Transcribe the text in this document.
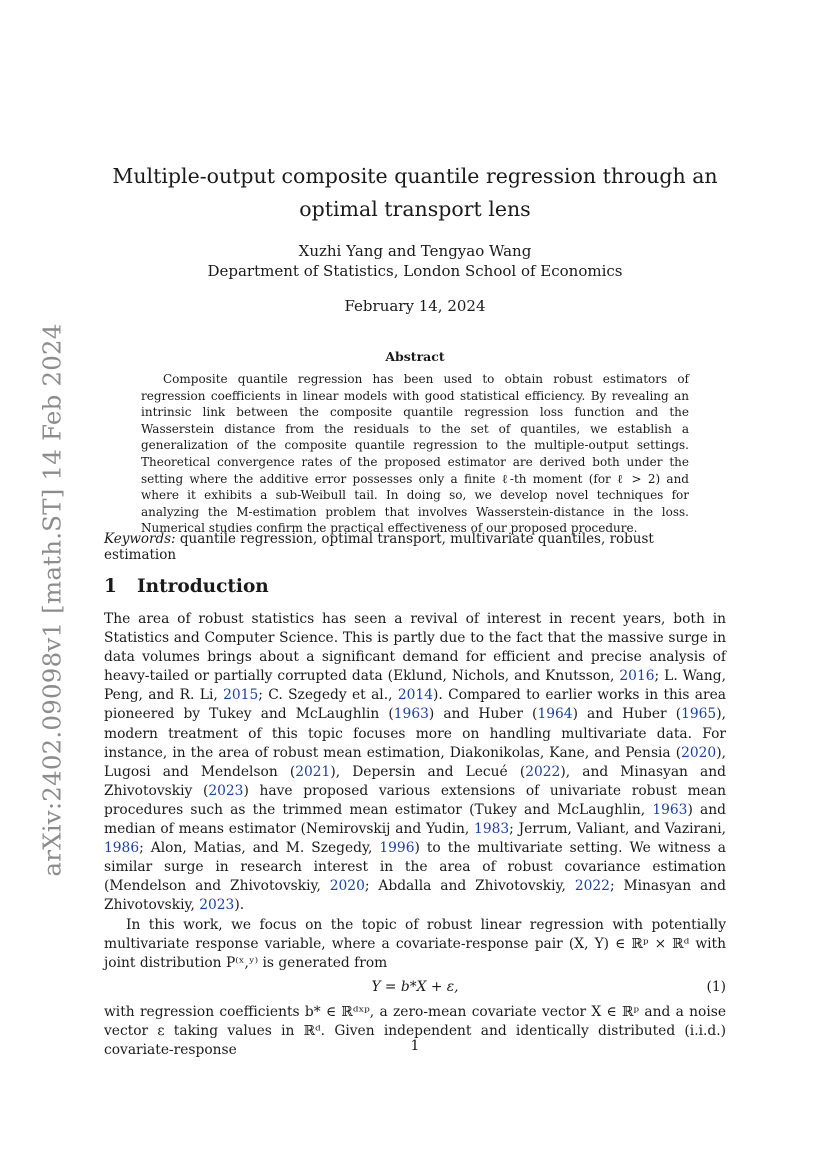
arXiv:2402.09098v1 [math.ST] 14 Feb 2024
Multiple-output composite quantile regression through an
optimal transport lens
Xuzhi Yang and Tengyao Wang
Department of Statistics, London School of Economics
February 14, 2024
Abstract
Composite quantile regression has been used to obtain robust estimators of regression coefficients in linear models with good statistical efficiency. By revealing an intrinsic link between the composite quantile regression loss function and the Wasserstein distance from the residuals to the set of quantiles, we establish a generalization of the composite quantile regression to the multiple-output settings. Theoretical convergence rates of the proposed estimator are derived both under the setting where the additive error possesses only a finite ℓ-th moment (for ℓ > 2) and where it exhibits a sub-Weibull tail. In doing so, we develop novel techniques for analyzing the M-estimation problem that involves Wasserstein-distance in the loss. Numerical studies confirm the practical effectiveness of our proposed procedure.
Keywords: quantile regression, optimal transport, multivariate quantiles, robust estimation
1 Introduction

The area of robust statistics has seen a revival of interest in recent years, both in Statistics and Computer Science. This is partly due to the fact that the massive surge in data volumes brings about a significant demand for efficient and precise analysis of heavy-tailed or partially corrupted data (Eklund, Nichols, and Knutsson, 2016; L. Wang, Peng, and R. Li, 2015; C. Szegedy et al., 2014). Compared to earlier works in this area pioneered by Tukey and McLaughlin (1963) and Huber (1964) and Huber (1965), modern treatment of this topic focuses more on handling multivariate data. For instance, in the area of robust mean estimation, Diakonikolas, Kane, and Pensia (2020), Lugosi and Mendelson (2021), Depersin and Lecué (2022), and Minasyan and Zhivotovskiy (2023) have proposed various extensions of univariate robust mean procedures such as the trimmed mean estimator (Tukey and McLaughlin, 1963) and median of means estimator (Nemirovskij and Yudin, 1983; Jerrum, Valiant, and Vazirani, 1986; Alon, Matias, and M. Szegedy, 1996) to the multivariate setting. We witness a similar surge in research interest in the area of robust covariance estimation (Mendelson and Zhivotovskiy, 2020; Abdalla and Zhivotovskiy, 2022; Minasyan and Zhivotovskiy, 2023).

In this work, we focus on the topic of robust linear regression with potentially multivariate response variable, where a covariate-response pair (X, Y) ∈ ℝᵖ × ℝᵈ with joint distribution P⁽ˣ,ʸ⁾ is generated from

Y = b*X + ε,	(1)

with regression coefficients b* ∈ ℝᵈˣᵖ, a zero-mean covariate vector X ∈ ℝᵖ and a noise vector ε taking values in ℝᵈ. Given independent and identically distributed (i.i.d.) covariate-response	1
